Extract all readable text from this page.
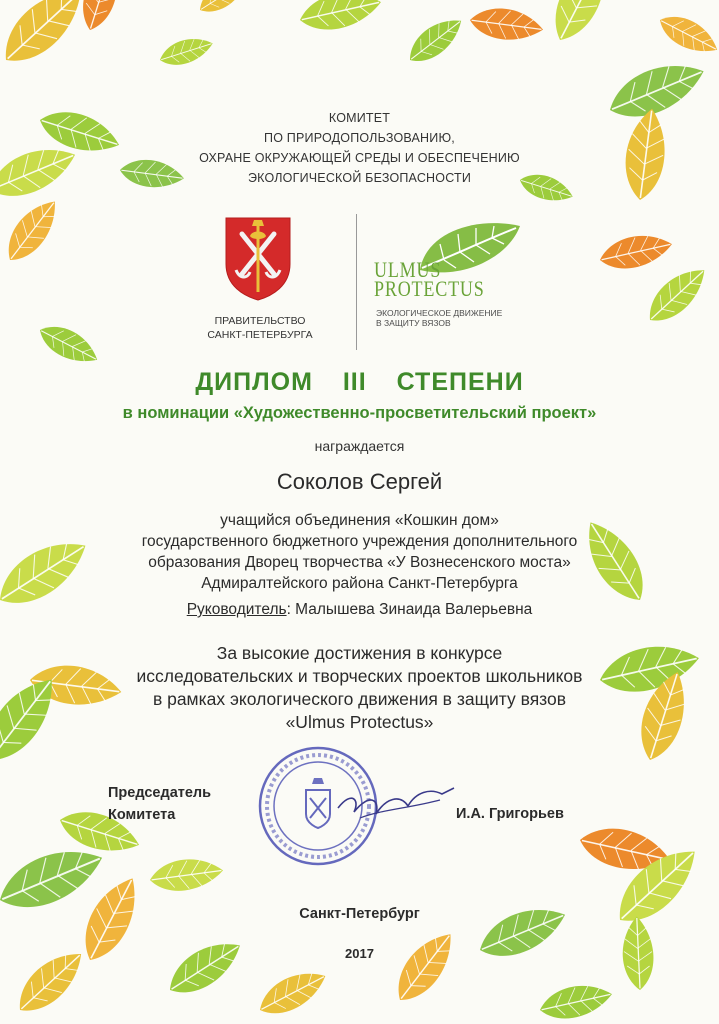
КОМИТЕТ
ПО ПРИРОДОПОЛЬЗОВАНИЮ,
ОХРАНЕ ОКРУЖАЮЩЕЙ СРЕДЫ И ОБЕСПЕЧЕНИЮ
ЭКОЛОГИЧЕСКОЙ БЕЗОПАСНОСТИ
ПРАВИТЕЛЬСТВО
САНКТ-ПЕТЕРБУРГА
ULMUS
PROTECTUS
ЭКОЛОГИЧЕСКОЕ ДВИЖЕНИЕ
В ЗАЩИТУ ВЯЗОВ
ДИПЛОМ III СТЕПЕНИ
в номинации «Художественно-просветительский проект»
награждается
Соколов Сергей
учащийся объединения «Кошкин дом»
государственного бюджетного учреждения дополнительного
образования Дворец творчества «У Вознесенского моста»
Адмиралтейского района Санкт-Петербурга
Руководитель: Малышева Зинаида Валерьевна
За высокие достижения в конкурсе
исследовательских и творческих проектов школьников
в рамках экологического движения в защиту вязов
«Ulmus Protectus»
Председатель
Комитета	И.А. Григорьев
Санкт-Петербург
2017
